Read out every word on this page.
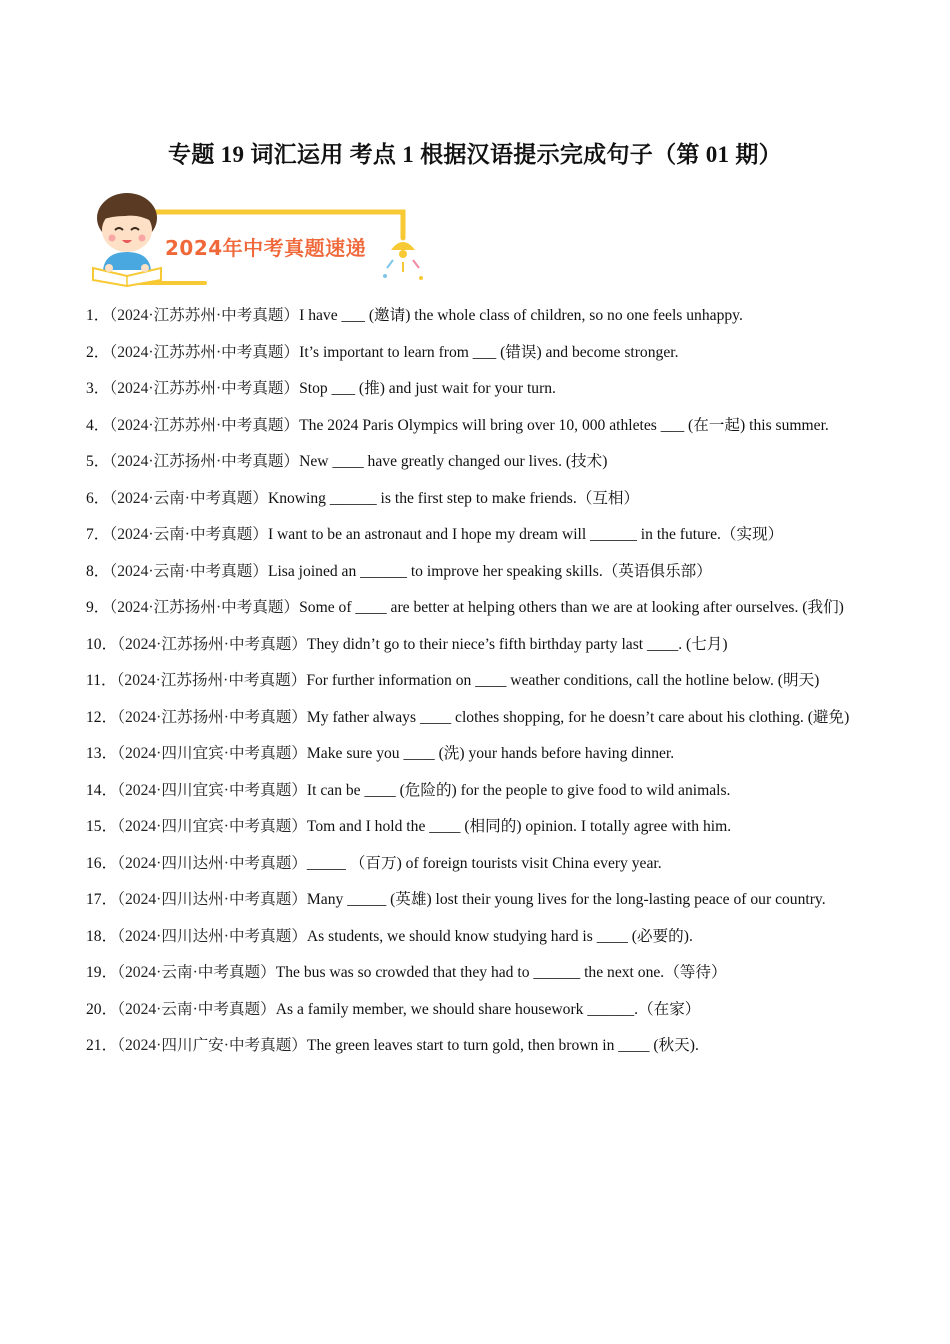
专题 19 词汇运用 考点 1 根据汉语提示完成句子（第 01 期）
2024年中考真题速递
1．（2024·江苏苏州·中考真题）I have ___ (邀请) the whole class of children, so no one feels unhappy.
2．（2024·江苏苏州·中考真题）It’s important to learn from ___ (错误) and become stronger.
3．（2024·江苏苏州·中考真题）Stop ___ (推) and just wait for your turn.
4．（2024·江苏苏州·中考真题）The 2024 Paris Olympics will bring over 10, 000 athletes ___ (在一起) this summer.
5．（2024·江苏扬州·中考真题）New ____ have greatly changed our lives. (技术)
6．（2024·云南·中考真题）Knowing ______ is the first step to make friends.（互相）
7．（2024·云南·中考真题）I want to be an astronaut and I hope my dream will ______ in the future.（实现）
8．（2024·云南·中考真题）Lisa joined an ______ to improve her speaking skills.（英语俱乐部）
9．（2024·江苏扬州·中考真题）Some of ____ are better at helping others than we are at looking after ourselves. (我们)
10．（2024·江苏扬州·中考真题）They didn’t go to their niece’s fifth birthday party last ____. (七月)
11．（2024·江苏扬州·中考真题）For further information on ____ weather conditions, call the hotline below. (明天)
12．（2024·江苏扬州·中考真题）My father always ____ clothes shopping, for he doesn’t care about his clothing. (避免)
13．（2024·四川宜宾·中考真题）Make sure you ____ (洗) your hands before having dinner.
14．（2024·四川宜宾·中考真题）It can be ____ (危险的) for the people to give food to wild animals.
15．（2024·四川宜宾·中考真题）Tom and I hold the ____ (相同的) opinion. I totally agree with him.
16．（2024·四川达州·中考真题）_____ （百万) of foreign tourists visit China every year.
17．（2024·四川达州·中考真题）Many _____ (英雄) lost their young lives for the long-lasting peace of our country.
18．（2024·四川达州·中考真题）As students, we should know studying hard is ____ (必要的).
19．（2024·云南·中考真题）The bus was so crowded that they had to ______ the next one.（等待）
20．（2024·云南·中考真题）As a family member, we should share housework ______.（在家）
21．（2024·四川广安·中考真题）The green leaves start to turn gold, then brown in ____ (秋天).
